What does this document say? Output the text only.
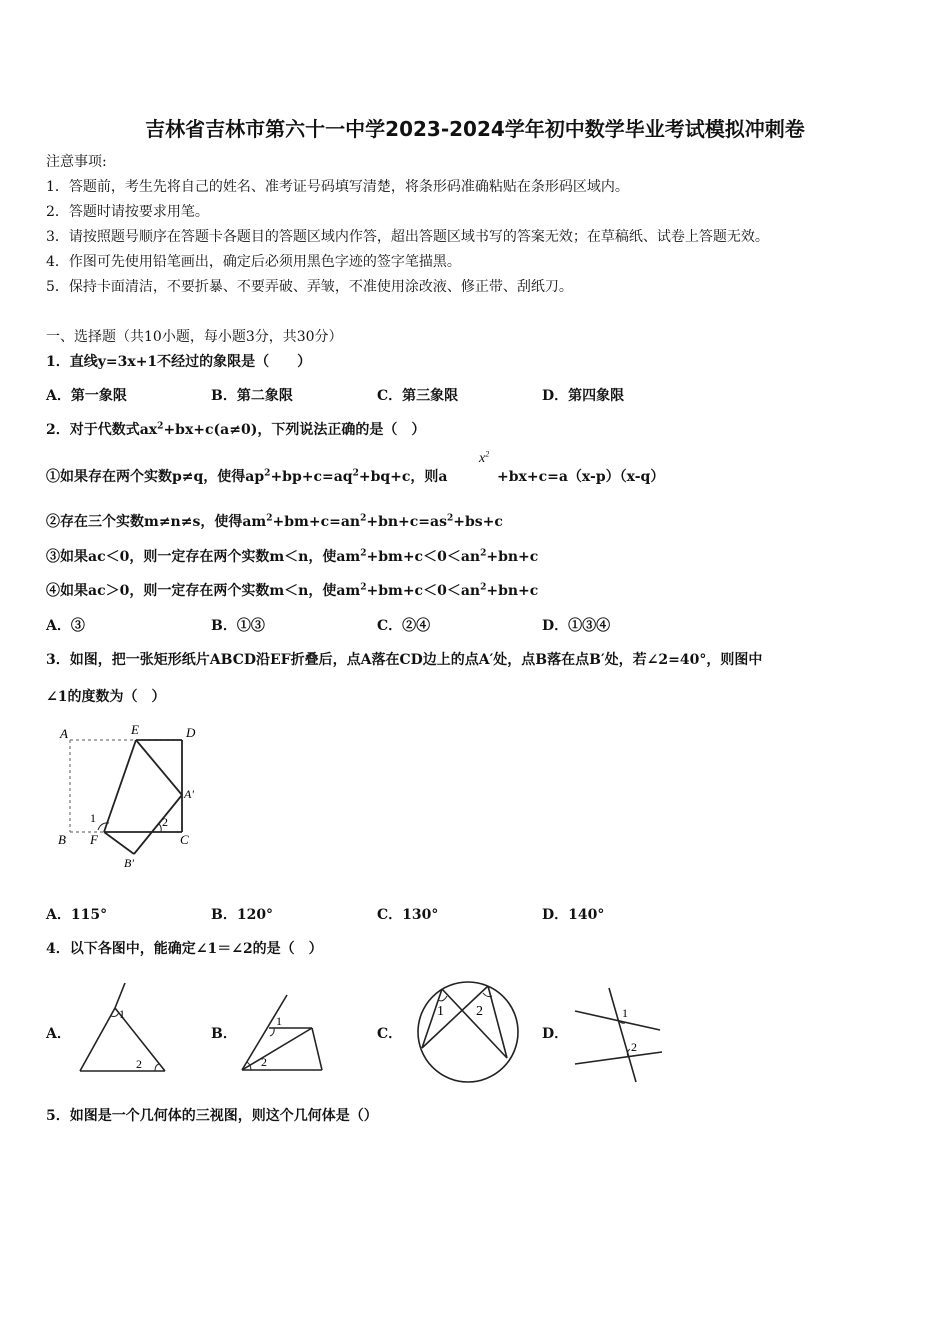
吉林省吉林市第六十一中学2023-2024学年初中数学毕业考试模拟冲刺卷
注意事项:
1．答题前，考生先将自己的姓名、准考证号码填写清楚，将条形码准确粘贴在条形码区域内。
2．答题时请按要求用笔。
3．请按照题号顺序在答题卡各题目的答题区域内作答，超出答题区域书写的答案无效；在草稿纸、试卷上答题无效。
4．作图可先使用铅笔画出，确定后必须用黑色字迹的签字笔描黑。
5．保持卡面清洁，不要折暴、不要弄破、弄皱，不准使用涂改液、修正带、刮纸刀。
一、选择题（共10小题，每小题3分，共30分）
1．直线y=3x+1不经过的象限是（　　）
A．第一象限	B．第二象限	C．第三象限	D．第四象限
2．对于代数式$ax^2+bx+c(a\ne 0)$，下列说法正确的是（　）
①如果存在两个实数p≠q，使得$ap^2+bp+c=aq^2+bq+c$，则a
$x^2$
+bx+c=a（x-p）（x-q）
②存在三个实数m≠n≠s，使得$am^2+bm+c=an^2+bn+c=as^2+bs+c$
③如果ac＜0，则一定存在两个实数m＜n，使$am^2+bm+c<0<an^2+bn+c$
④如果ac＞0，则一定存在两个实数m＜n，使$am^2+bm+c<0<an^2+bn+c$
A．③	B．①③	C．②④	D．①③④
3．如图，把一张矩形纸片ABCD沿EF折叠后，点A落在CD边上的点A′处，点B落在点B′处，若∠2=40°，则图中
∠1的度数为（　）
A	E	D
A'
1	2
B F	C
B'
A．115°	B．120°	C．130°	D．140°
4．以下各图中，能确定∠1＝∠2的是（　）
A．
1
2
B．
1
2
C．
1 2
D．
1
2
5．如图是一个几何体的三视图，则这个几何体是（）
